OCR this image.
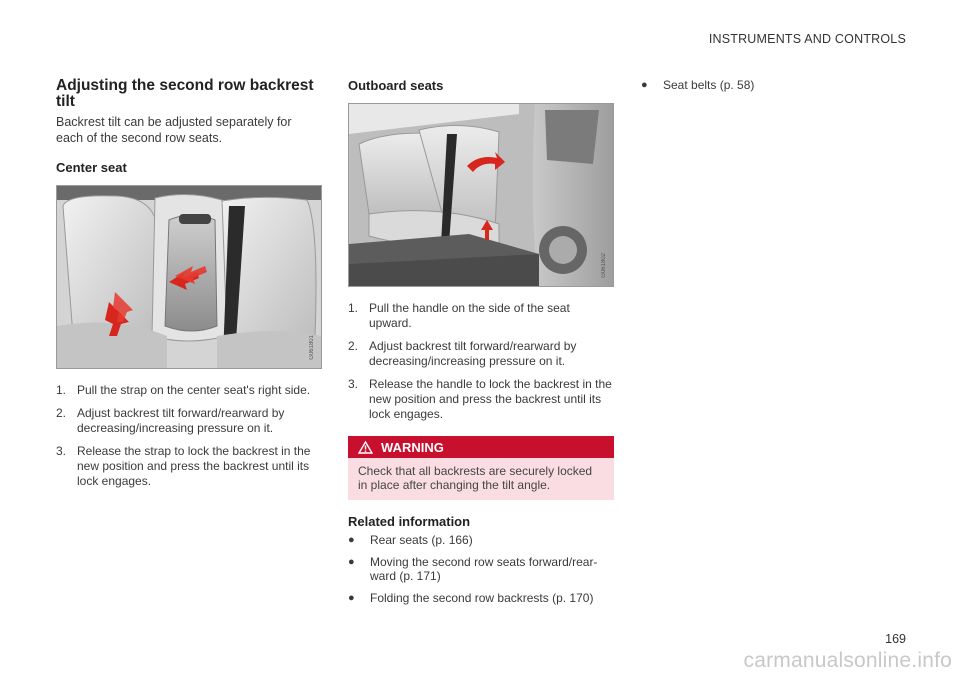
INSTRUMENTS AND CONTROLS
Adjusting the second row backrest tilt

Backrest tilt can be adjusted separately for each of the second row seats.

Center seat
G061801
1. Pull the strap on the center seat's right side.
2. Adjust backrest tilt forward/rearward by decreasing/increasing pressure on it.
3. Release the strap to lock the backrest in the new position and press the backrest until its lock engages.
Outboard seats
G061802
1. Pull the handle on the side of the seat upward.
2. Adjust backrest tilt forward/rearward by decreasing/increasing pressure on it.
3. Release the handle to lock the backrest in the new position and press the backrest until its lock engages.
WARNING
Check that all backrests are securely locked in place after changing the tilt angle.
Related information
● Rear seats (p. 166)
● Moving the second row seats forward/rear-ward (p. 171)
● Folding the second row backrests (p. 170)
● Seat belts (p. 58)
169
carmanualsonline.info
